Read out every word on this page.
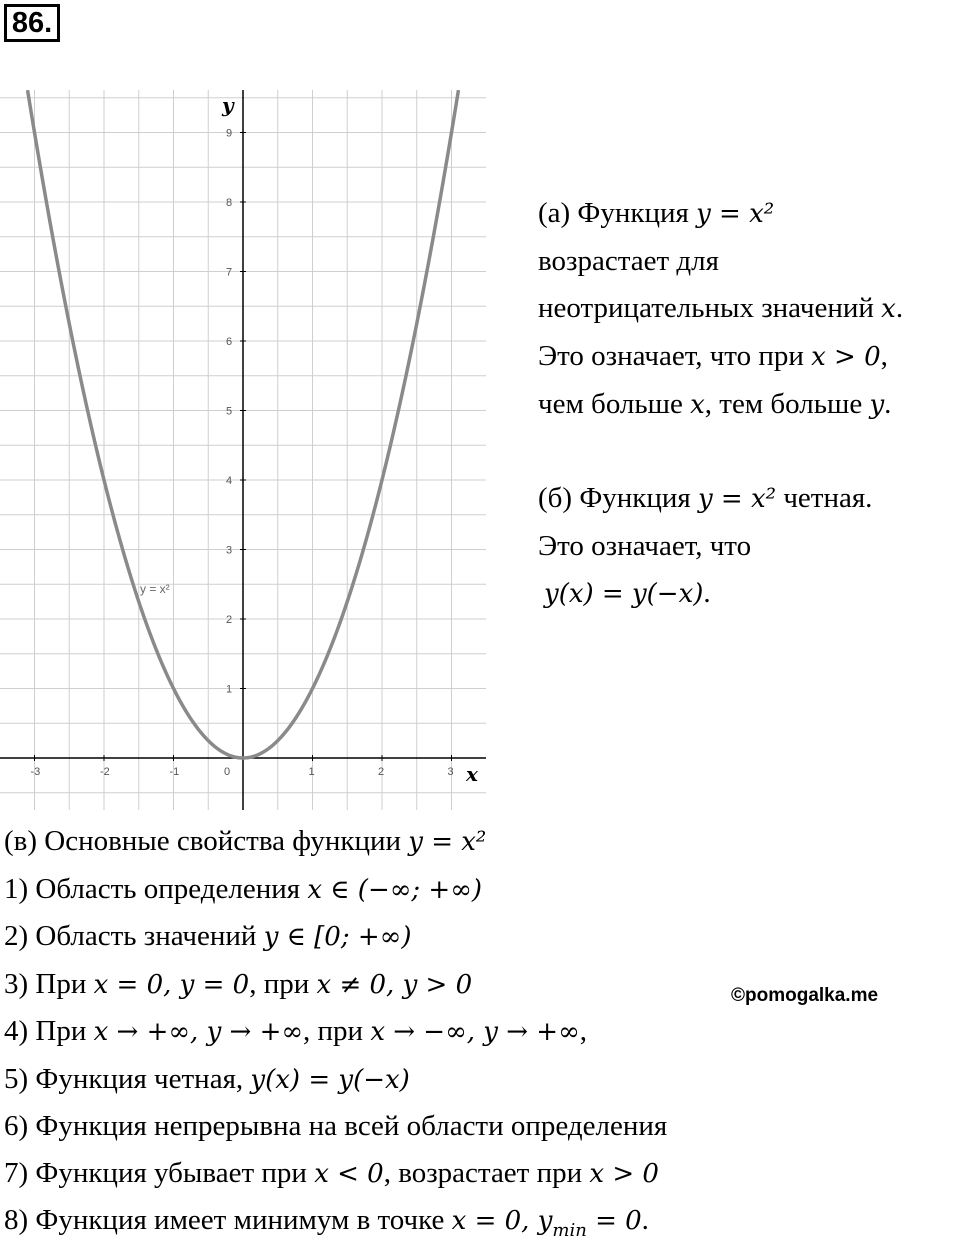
86.
-3	-2	-1	0	1	2	3
1
2
3
4
5
6
7
8
9
y = x²
x
y
(а) Функция y = x²
возрастает для
неотрицательных значений x.
Это означает, что при x > 0,
чем больше x, тем больше y.
(б) Функция y = x² четная.
Это означает, что
y(x) = y(−x).
(в) Основные свойства функции y = x²
1) Область определения x ∈ (−∞; +∞)
2) Область значений y ∈ [0; +∞)
3) При x = 0, y = 0, при x ≠ 0, y > 0
4) При x → +∞, y → +∞, при x → −∞, y → +∞,
5) Функция четная, y(x) = y(−x)
6) Функция непрерывна на всей области определения
7) Функция убывает при x < 0, возрастает при x > 0
8) Функция имеет минимум в точке x = 0, $y_{min} = 0$.
©pomogalka.me
